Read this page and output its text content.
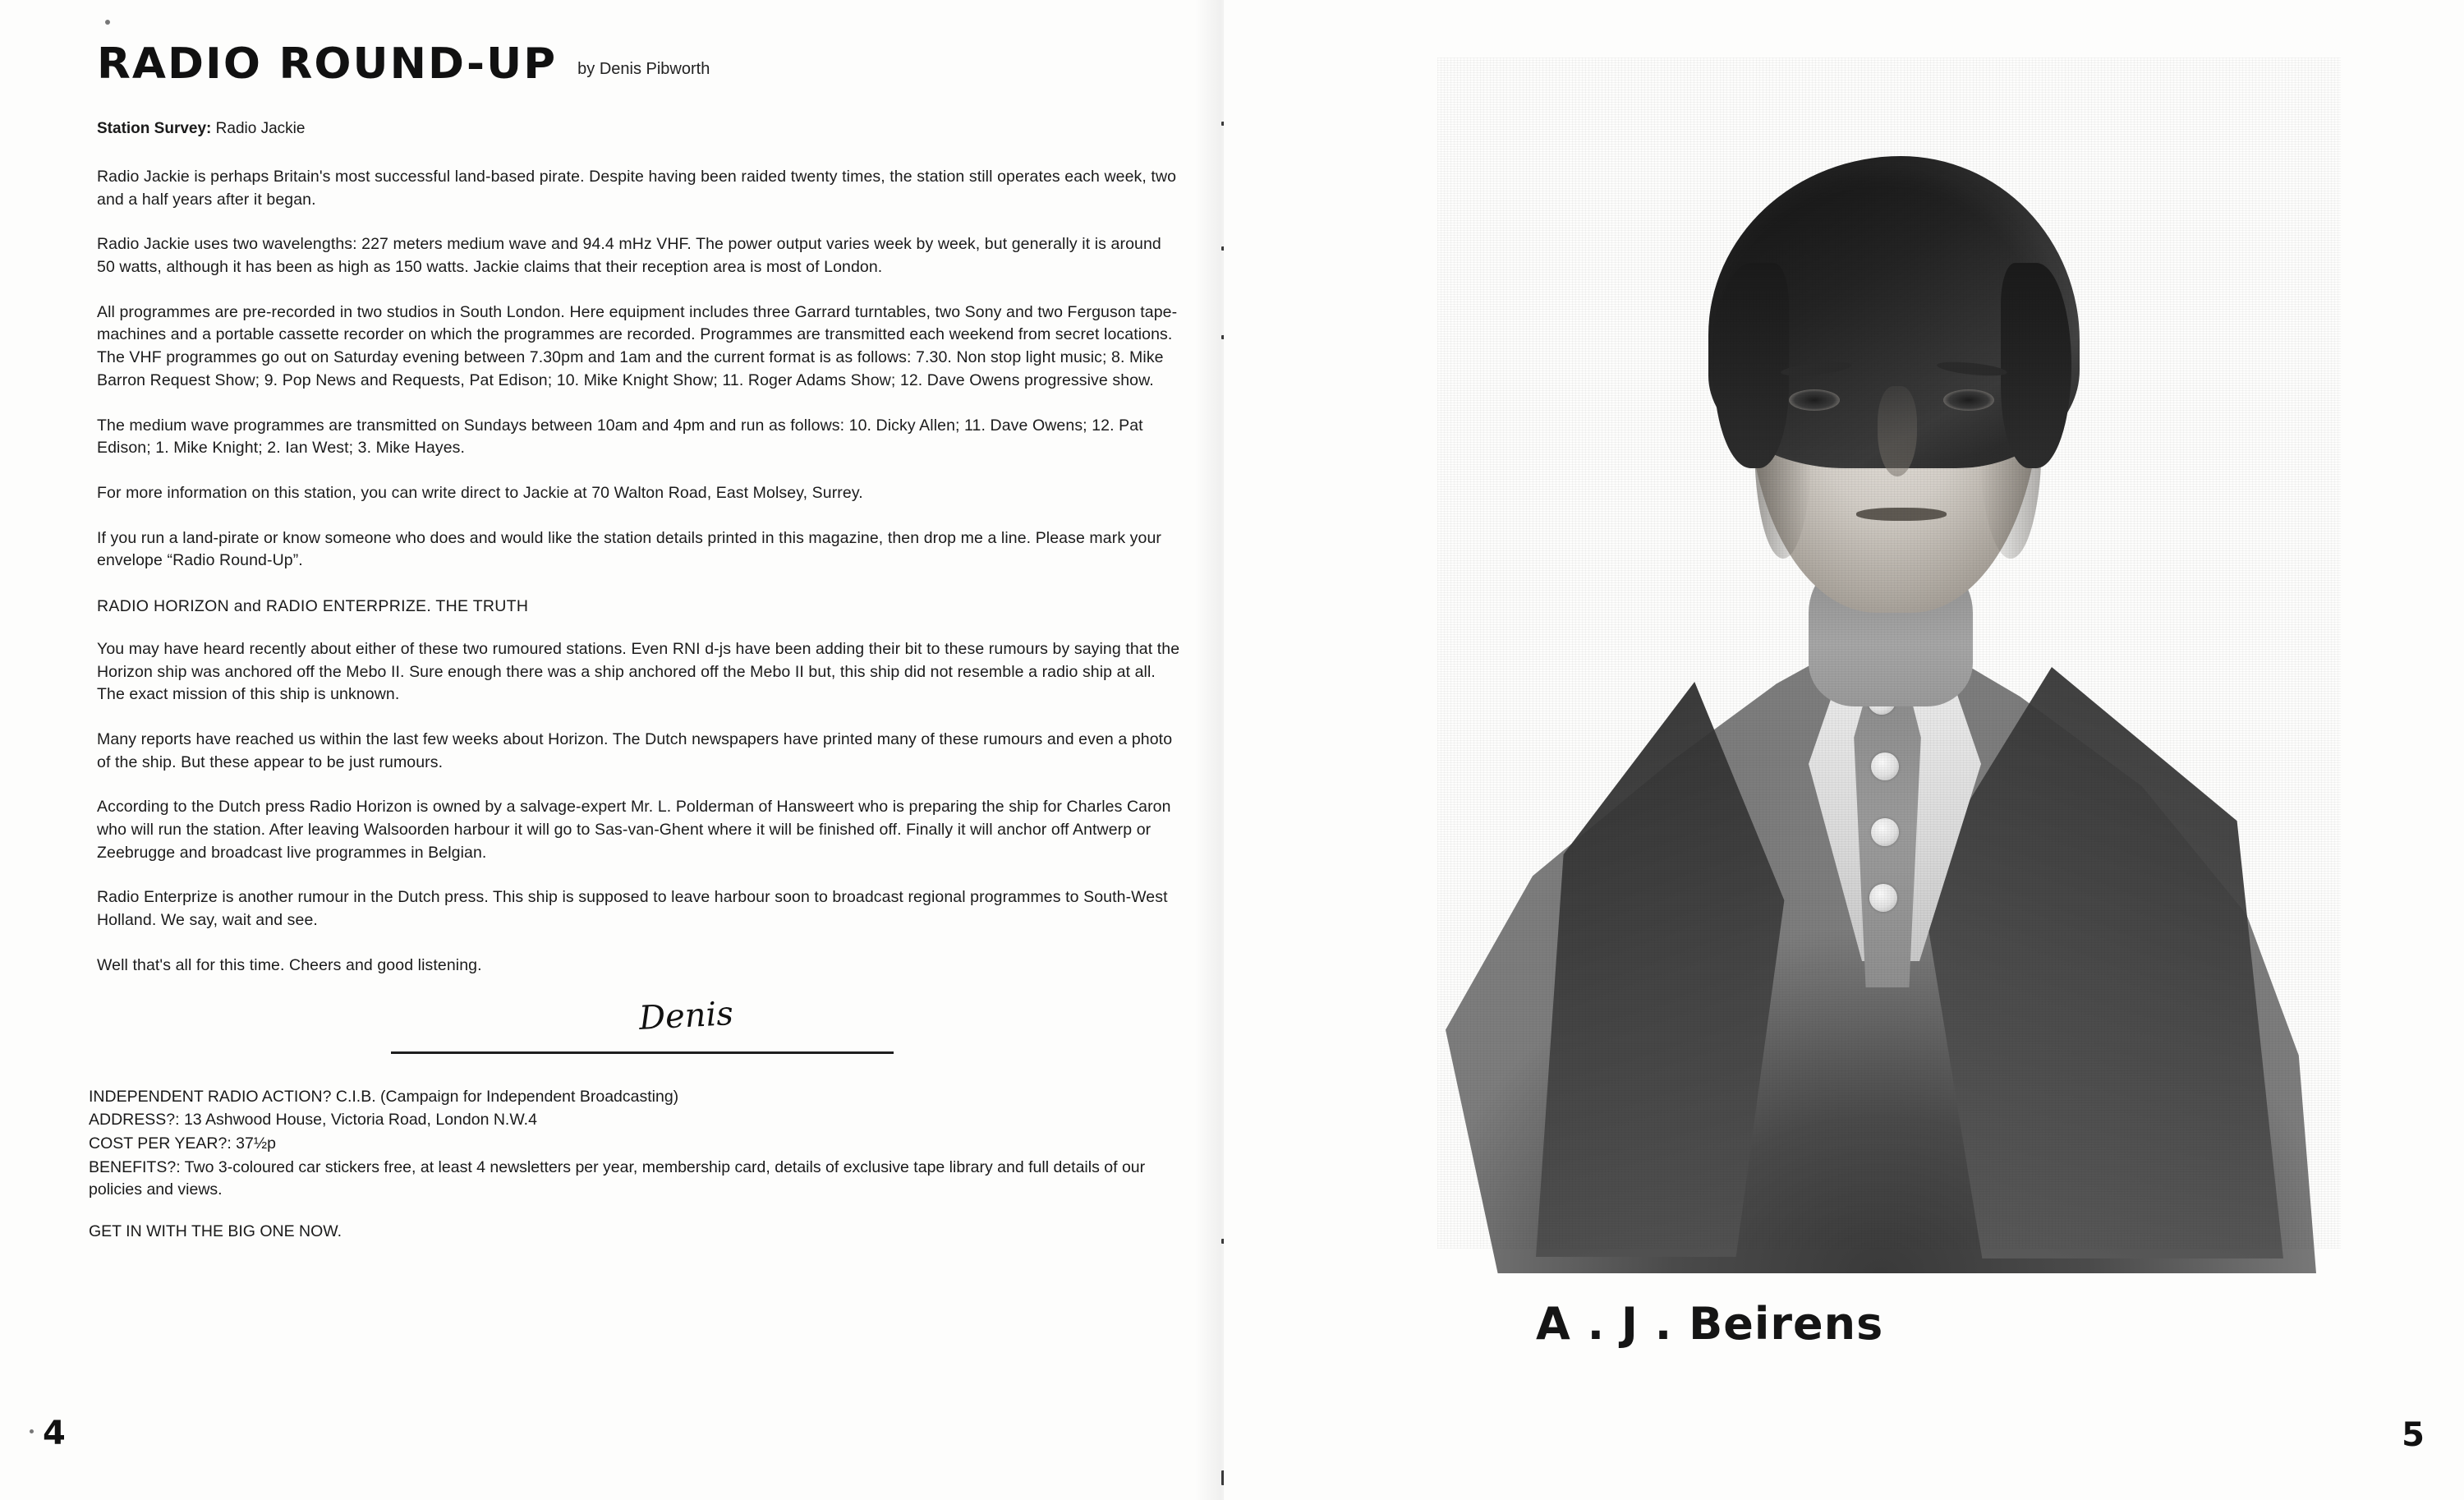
RADIO ROUND-UP by Denis Pibworth
Station Survey: Radio Jackie

Radio Jackie is perhaps Britain's most successful land-based pirate. Despite having been raided twenty times, the station still operates each week, two and a half years after it began.

Radio Jackie uses two wavelengths: 227 meters medium wave and 94.4 mHz VHF. The power output varies week by week, but generally it is around 50 watts, although it has been as high as 150 watts. Jackie claims that their reception area is most of London.

All programmes are pre-recorded in two studios in South London. Here equipment includes three Garrard turntables, two Sony and two Ferguson tape-machines and a portable cassette recorder on which the programmes are recorded. Programmes are transmitted each weekend from secret locations. The VHF programmes go out on Saturday evening between 7.30pm and 1am and the current format is as follows: 7.30. Non stop light music; 8. Mike Barron Request Show; 9. Pop News and Requests, Pat Edison; 10. Mike Knight Show; 11. Roger Adams Show; 12. Dave Owens progressive show.

The medium wave programmes are transmitted on Sundays between 10am and 4pm and run as follows: 10. Dicky Allen; 11. Dave Owens; 12. Pat Edison; 1. Mike Knight; 2. Ian West; 3. Mike Hayes.

For more information on this station, you can write direct to Jackie at 70 Walton Road, East Molsey, Surrey.

If you run a land-pirate or know someone who does and would like the station details printed in this magazine, then drop me a line. Please mark your envelope “Radio Round-Up”.

RADIO HORIZON and RADIO ENTERPRIZE. THE TRUTH

You may have heard recently about either of these two rumoured stations. Even RNI d-js have been adding their bit to these rumours by saying that the Horizon ship was anchored off the Mebo II. Sure enough there was a ship anchored off the Mebo II but, this ship did not resemble a radio ship at all. The exact mission of this ship is unknown.

Many reports have reached us within the last few weeks about Horizon. The Dutch newspapers have printed many of these rumours and even a photo of the ship. But these appear to be just rumours.

According to the Dutch press Radio Horizon is owned by a salvage-expert Mr. L. Polderman of Hansweert who is preparing the ship for Charles Caron who will run the station. After leaving Walsoorden harbour it will go to Sas-van-Ghent where it will be finished off. Finally it will anchor off Antwerp or Zeebrugge and broadcast live programmes in Belgian.

Radio Enterprize is another rumour in the Dutch press. This ship is supposed to leave harbour soon to broadcast regional programmes to South-West Holland. We say, wait and see.

Well that's all for this time. Cheers and good listening.

Denis
INDEPENDENT RADIO ACTION? C.I.B. (Campaign for Independent Broadcasting)
ADDRESS?: 13 Ashwood House, Victoria Road, London N.W.4
COST PER YEAR?: 37½p
BENEFITS?: Two 3-coloured car stickers free, at least 4 newsletters per year, membership card, details of exclusive tape library and full details of our policies and views.
GET IN WITH THE BIG ONE NOW.
4
A . J . Beirens
5
